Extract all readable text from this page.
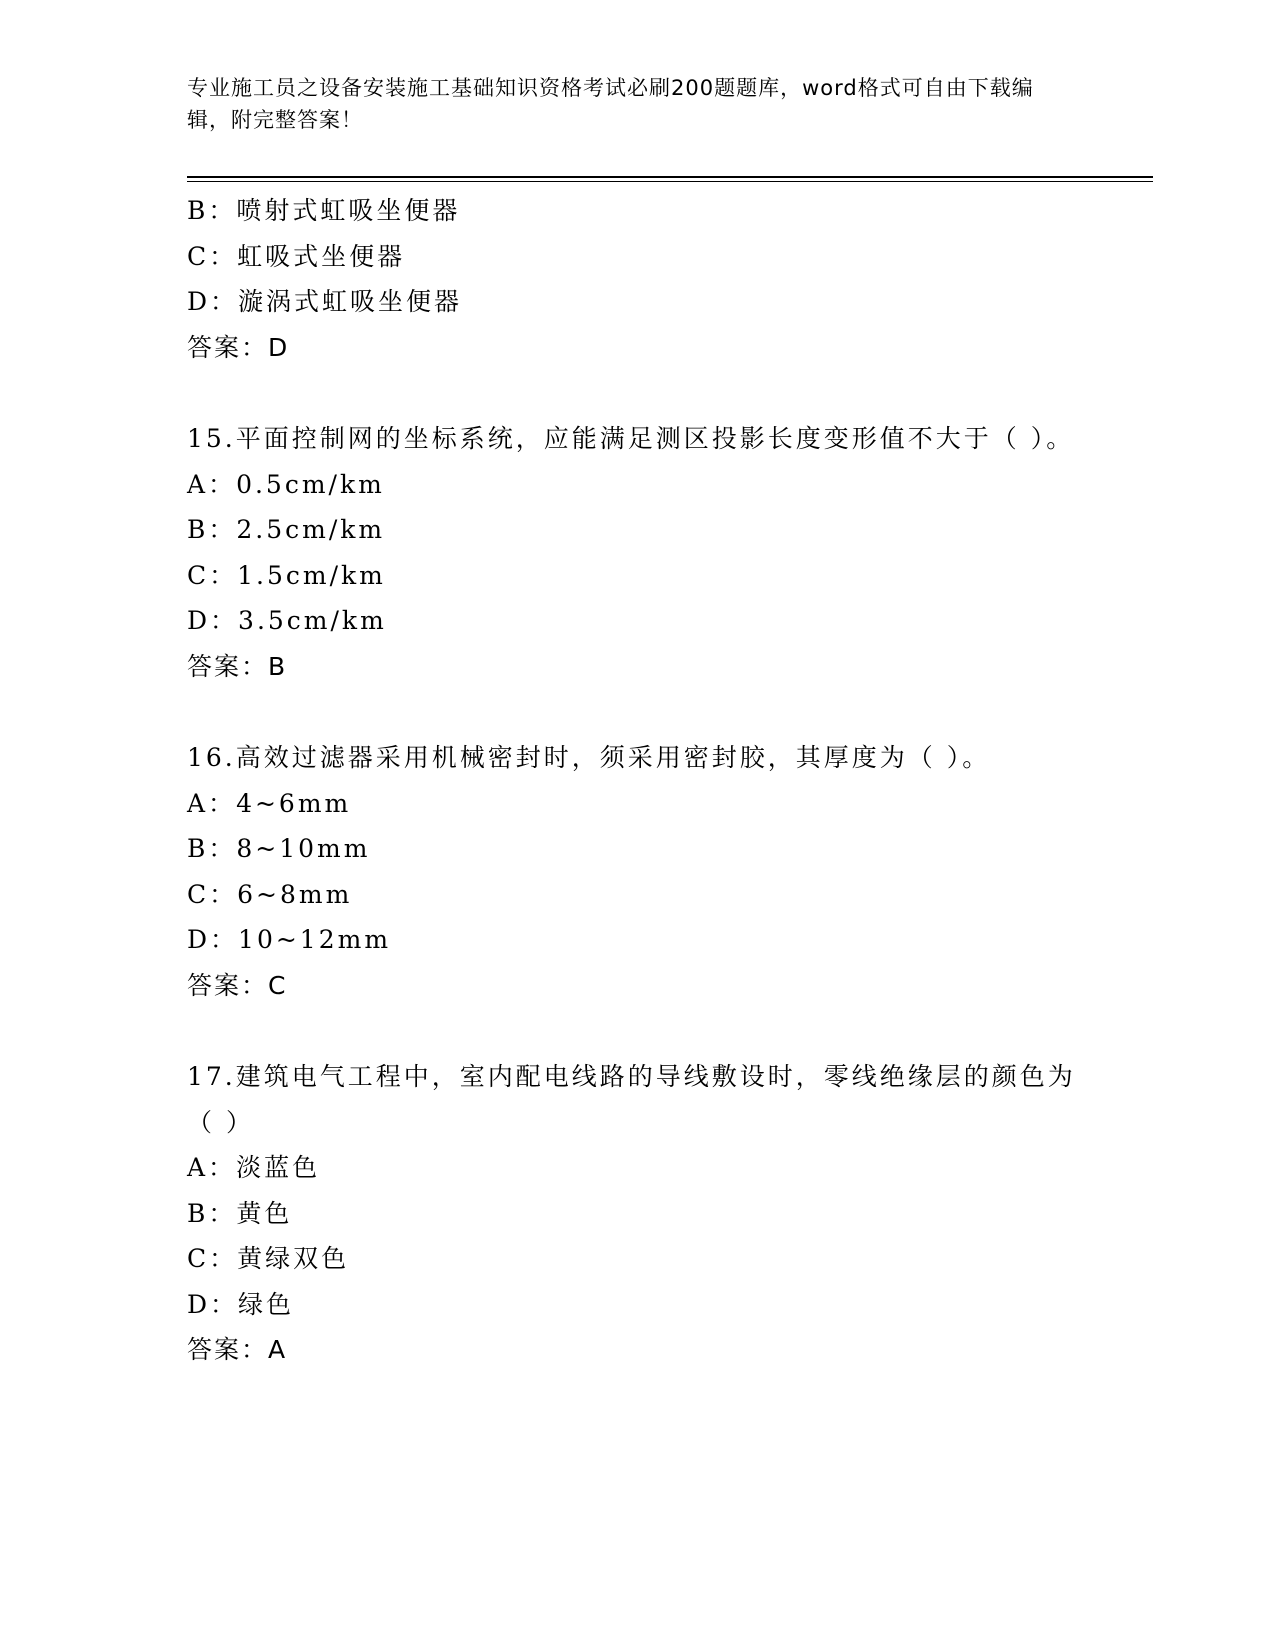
专业施工员之设备安装施工基础知识资格考试必刷200题题库，word格式可自由下载编辑，附完整答案！
B：喷射式虹吸坐便器
C：虹吸式坐便器
D：漩涡式虹吸坐便器
答案：D
15.平面控制网的坐标系统，应能满足测区投影长度变形值不大于（ ）。
A：0.5cm/km
B：2.5cm/km
C：1.5cm/km
D：3.5cm/km
答案：B
16.高效过滤器采用机械密封时，须采用密封胶，其厚度为（ ）。
A：4~6mm
B：8~10mm
C：6~8mm
D：10~12mm
答案：C
17.建筑电气工程中，室内配电线路的导线敷设时，零线绝缘层的颜色为（ ）
A：淡蓝色
B：黄色
C：黄绿双色
D：绿色
答案：A
